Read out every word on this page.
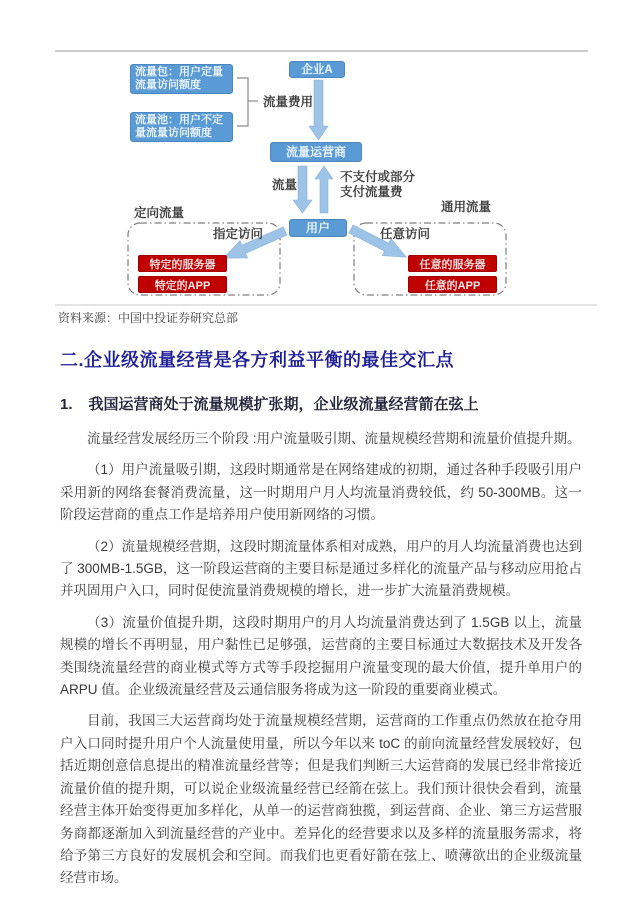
流量包：用户定量流量访问额度
流量池：用户不定量流量访问额度
企业A
流量运营商
用户
特定的服务器
特定的APP
任意的服务器
任意的APP
流量费用
流量
不支付或部分支付流量费
定向流量	通用流量
指定访问	任意访问
资料来源：中国中投证券研究总部
二.企业级流量经营是各方利益平衡的最佳交汇点
1. 我国运营商处于流量规模扩张期，企业级流量经营箭在弦上

流量经营发展经历三个阶段 :用户流量吸引期、流量规模经营期和流量价值提升期。

（1）用户流量吸引期，这段时期通常是在网络建成的初期，通过各种手段吸引用户采用新的网络套餐消费流量，这一时期用户月人均流量消费较低，约 50-300MB。这一阶段运营商的重点工作是培养用户使用新网络的习惯。

（2）流量规模经营期，这段时期流量体系相对成熟，用户的月人均流量消费也达到了 300MB-1.5GB，这一阶段运营商的主要目标是通过多样化的流量产品与移动应用抢占并巩固用户入口，同时促使流量消费规模的增长，进一步扩大流量消费规模。

（3）流量价值提升期，这段时期用户的月人均流量消费达到了 1.5GB 以上，流量规模的增长不再明显，用户黏性已足够强，运营商的主要目标通过大数据技术及开发各类围绕流量经营的商业模式等方式等手段挖掘用户流量变现的最大价值，提升单用户的 ARPU 值。企业级流量经营及云通信服务将成为这一阶段的重要商业模式。

目前，我国三大运营商均处于流量规模经营期，运营商的工作重点仍然放在抢夺用户入口同时提升用户个人流量使用量，所以今年以来 toC 的前向流量经营发展较好，包括近期创意信息提出的精准流量经营等；但是我们判断三大运营商的发展已经非常接近流量价值的提升期，可以说企业级流量经营已经箭在弦上。我们预计很快会看到，流量经营主体开始变得更加多样化，从单一的运营商独揽，到运营商、企业、第三方运营服务商都逐渐加入到流量经营的产业中。差异化的经营要求以及多样的流量服务需求，将给予第三方良好的发展机会和空间。而我们也更看好箭在弦上、喷薄欲出的企业级流量经营市场。
